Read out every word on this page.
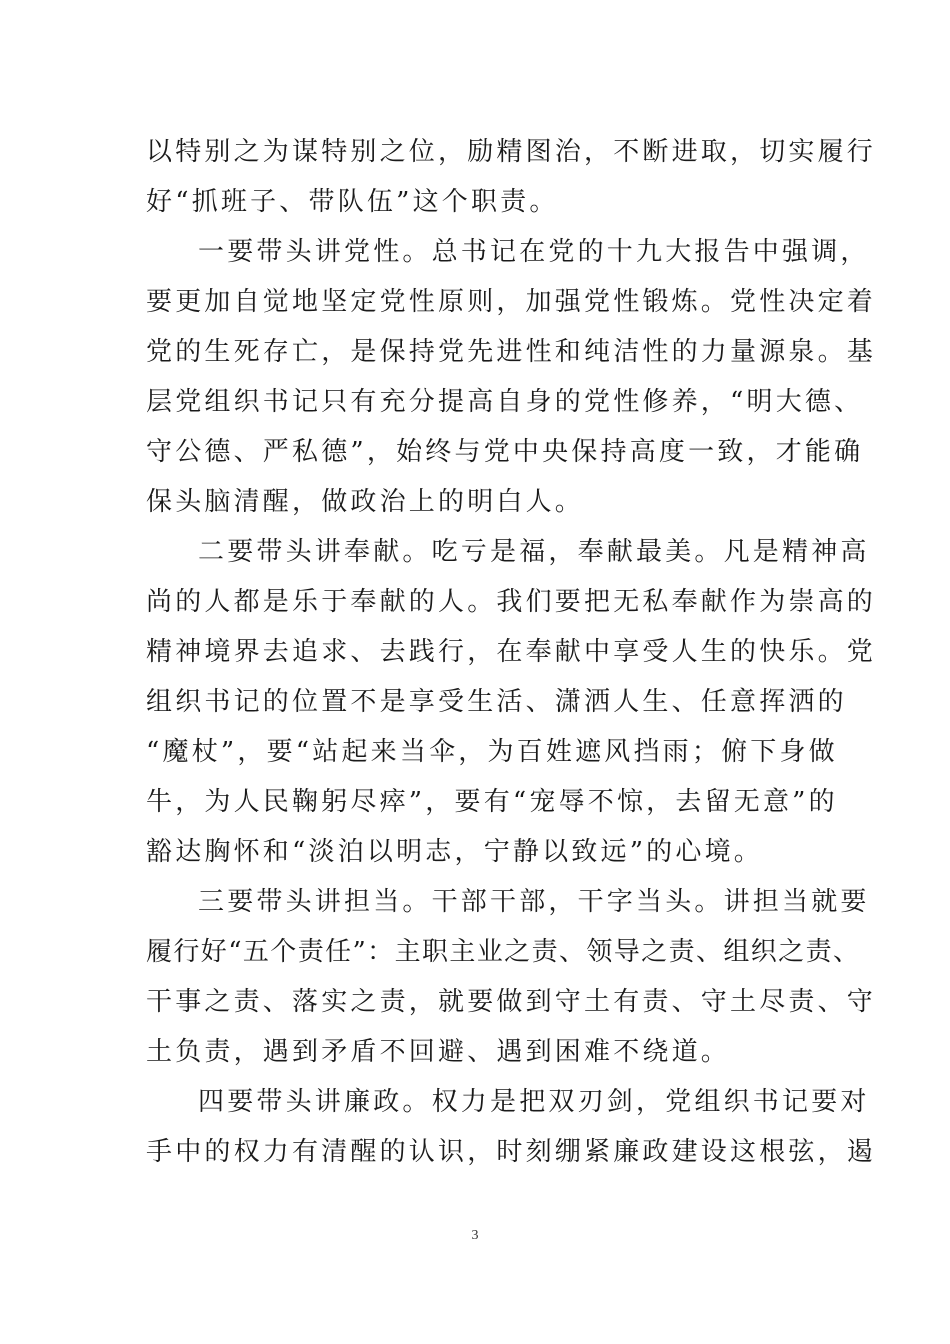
以特别之为谋特别之位，励精图治，不断进取，切实履行
好“抓班子、带队伍”这个职责。
一要带头讲党性。总书记在党的十九大报告中强调，
要更加自觉地坚定党性原则，加强党性锻炼。党性决定着
党的生死存亡，是保持党先进性和纯洁性的力量源泉。基
层党组织书记只有充分提高自身的党性修养，“明大德、
守公德、严私德”，始终与党中央保持高度一致，才能确
保头脑清醒，做政治上的明白人。
二要带头讲奉献。吃亏是福，奉献最美。凡是精神高
尚的人都是乐于奉献的人。我们要把无私奉献作为崇高的
精神境界去追求、去践行，在奉献中享受人生的快乐。党
组织书记的位置不是享受生活、潇洒人生、任意挥洒的
“魔杖”，要“站起来当伞，为百姓遮风挡雨；俯下身做
牛，为人民鞠躬尽瘁”，要有“宠辱不惊，去留无意”的
豁达胸怀和“淡泊以明志，宁静以致远”的心境。
三要带头讲担当。干部干部，干字当头。讲担当就要
履行好“五个责任”：主职主业之责、领导之责、组织之责、
干事之责、落实之责，就要做到守土有责、守土尽责、守
土负责，遇到矛盾不回避、遇到困难不绕道。
四要带头讲廉政。权力是把双刃剑，党组织书记要对
手中的权力有清醒的认识，时刻绷紧廉政建设这根弦，遏
3
